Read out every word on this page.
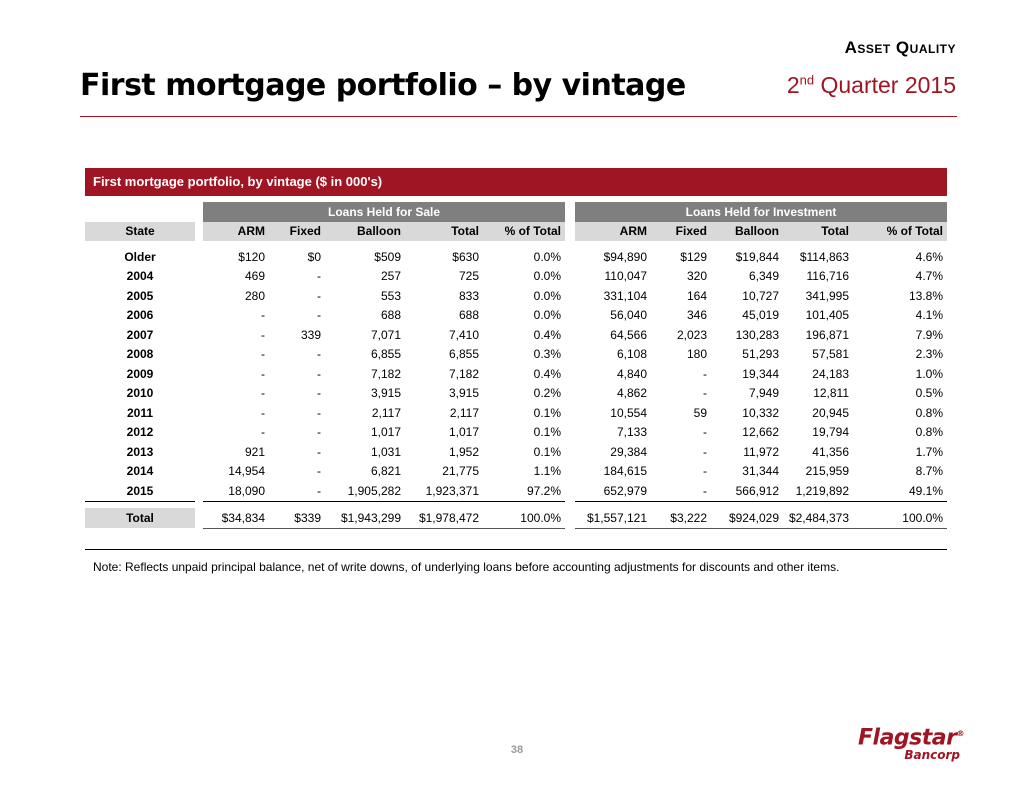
Asset Quality
First mortgage portfolio – by vintage	2nd Quarter 2015
First mortgage portfolio, by vintage ($ in 000's)
		Loans Held for Sale						Loans Held for Investment				
State		ARM	Fixed	Balloon	Total	% of Total		ARM	Fixed	Balloon	Total	% of Total
Older		$120	$0	$509	$630	0.0%		$94,890	$129	$19,844	$114,863	4.6%
2004		469	-	257	725	0.0%		110,047	320	6,349	116,716	4.7%
2005		280	-	553	833	0.0%		331,104	164	10,727	341,995	13.8%
2006		-	-	688	688	0.0%		56,040	346	45,019	101,405	4.1%
2007		-	339	7,071	7,410	0.4%		64,566	2,023	130,283	196,871	7.9%
2008		-	-	6,855	6,855	0.3%		6,108	180	51,293	57,581	2.3%
2009		-	-	7,182	7,182	0.4%		4,840	-	19,344	24,183	1.0%
2010		-	-	3,915	3,915	0.2%		4,862	-	7,949	12,811	0.5%
2011		-	-	2,117	2,117	0.1%		10,554	59	10,332	20,945	0.8%
2012		-	-	1,017	1,017	0.1%		7,133	-	12,662	19,794	0.8%
2013		921	-	1,031	1,952	0.1%		29,384	-	11,972	41,356	1.7%
2014		14,954	-	6,821	21,775	1.1%		184,615	-	31,344	215,959	8.7%
2015		18,090	-	1,905,282	1,923,371	97.2%		652,979	-	566,912	1,219,892	49.1%

Total		$34,834	$339	$1,943,299	$1,978,472	100.0%		$1,557,121	$3,222	$924,029	$2,484,373	100.0%
Note: Reflects unpaid principal balance, net of write downs, of underlying loans before accounting adjustments for discounts and other items.
38	Flagstar®
Bancorp
